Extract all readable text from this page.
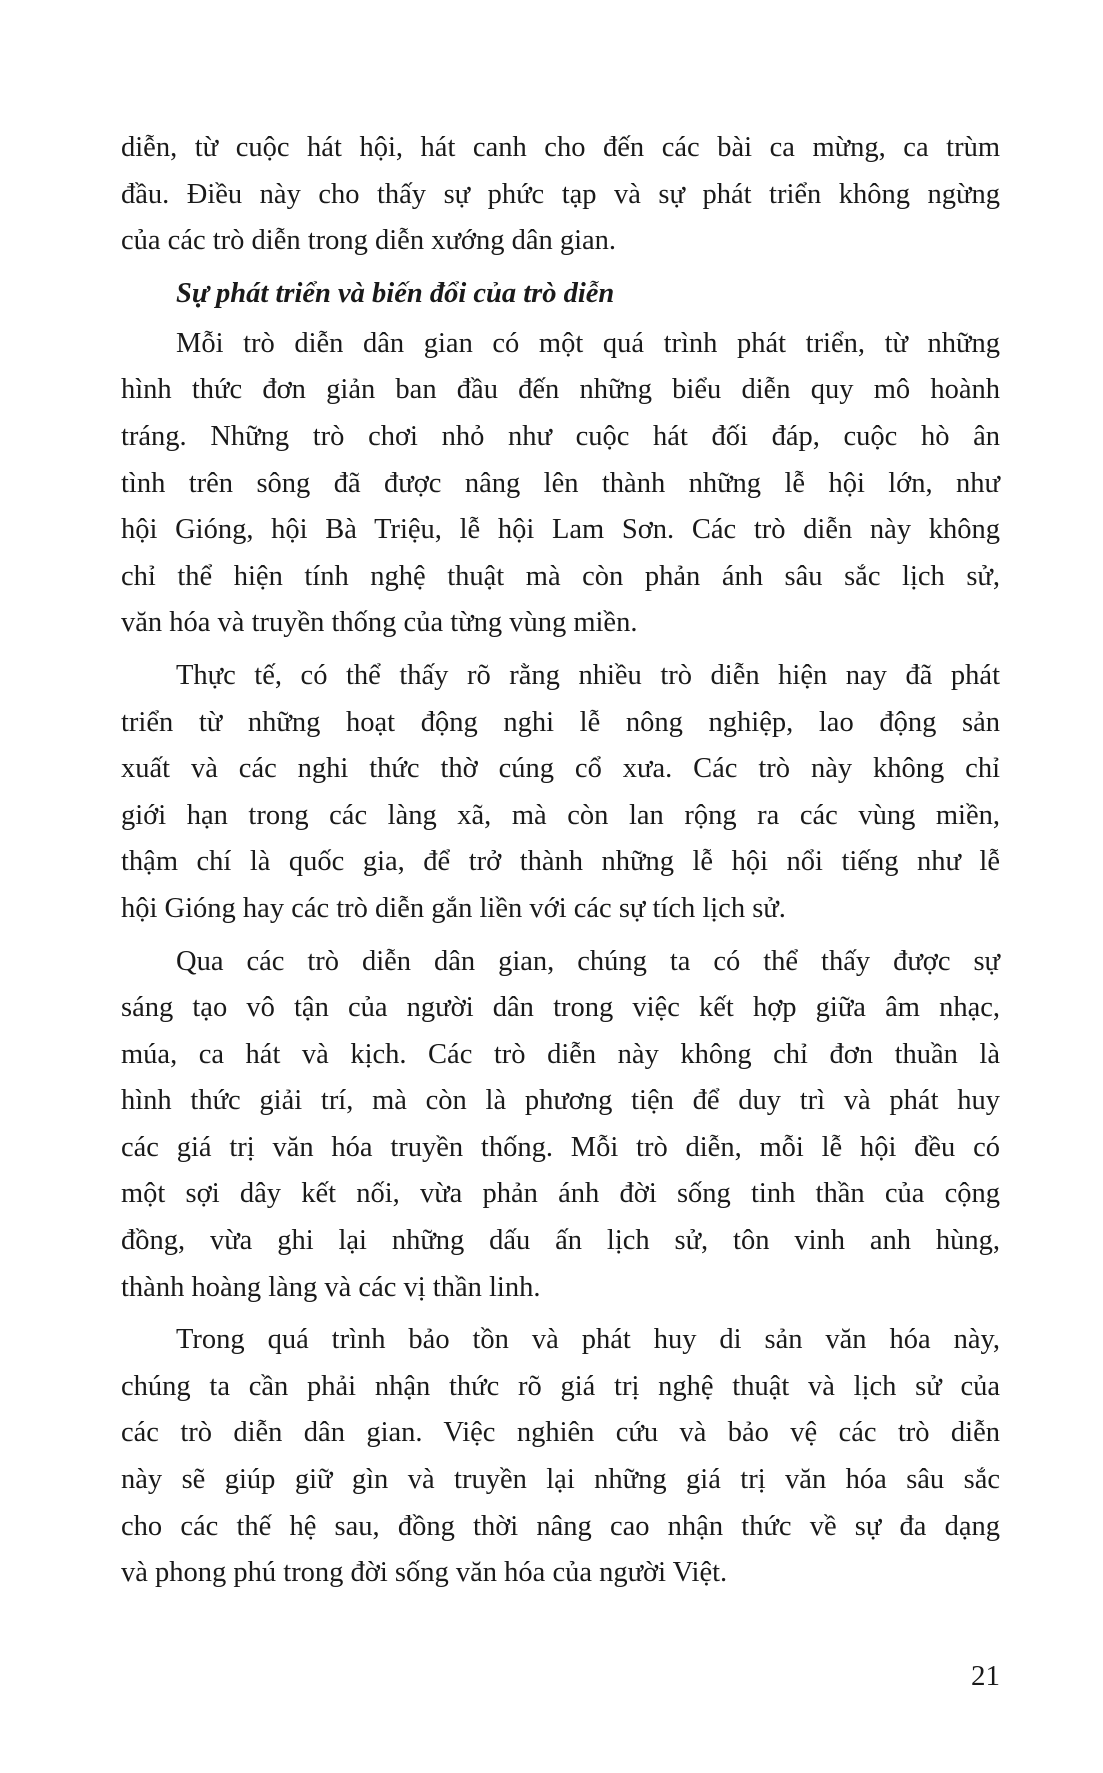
diễn, từ cuộc hát hội, hát canh cho đến các bài ca mừng, ca trùm
đầu. Điều này cho thấy sự phức tạp và sự phát triển không ngừng
của các trò diễn trong diễn xướng dân gian.
Sự phát triển và biến đổi của trò diễn
Mỗi trò diễn dân gian có một quá trình phát triển, từ những
hình thức đơn giản ban đầu đến những biểu diễn quy mô hoành
tráng. Những trò chơi nhỏ như cuộc hát đối đáp, cuộc hò ân
tình trên sông đã được nâng lên thành những lễ hội lớn, như
hội Gióng, hội Bà Triệu, lễ hội Lam Sơn. Các trò diễn này không
chỉ thể hiện tính nghệ thuật mà còn phản ánh sâu sắc lịch sử,
văn hóa và truyền thống của từng vùng miền.
Thực tế, có thể thấy rõ rằng nhiều trò diễn hiện nay đã phát
triển từ những hoạt động nghi lễ nông nghiệp, lao động sản
xuất và các nghi thức thờ cúng cổ xưa. Các trò này không chỉ
giới hạn trong các làng xã, mà còn lan rộng ra các vùng miền,
thậm chí là quốc gia, để trở thành những lễ hội nổi tiếng như lễ
hội Gióng hay các trò diễn gắn liền với các sự tích lịch sử.
Qua các trò diễn dân gian, chúng ta có thể thấy được sự
sáng tạo vô tận của người dân trong việc kết hợp giữa âm nhạc,
múa, ca hát và kịch. Các trò diễn này không chỉ đơn thuần là
hình thức giải trí, mà còn là phương tiện để duy trì và phát huy
các giá trị văn hóa truyền thống. Mỗi trò diễn, mỗi lễ hội đều có
một sợi dây kết nối, vừa phản ánh đời sống tinh thần của cộng
đồng, vừa ghi lại những dấu ấn lịch sử, tôn vinh anh hùng,
thành hoàng làng và các vị thần linh.
Trong quá trình bảo tồn và phát huy di sản văn hóa này,
chúng ta cần phải nhận thức rõ giá trị nghệ thuật và lịch sử của
các trò diễn dân gian. Việc nghiên cứu và bảo vệ các trò diễn
này sẽ giúp giữ gìn và truyền lại những giá trị văn hóa sâu sắc
cho các thế hệ sau, đồng thời nâng cao nhận thức về sự đa dạng
và phong phú trong đời sống văn hóa của người Việt.
21
